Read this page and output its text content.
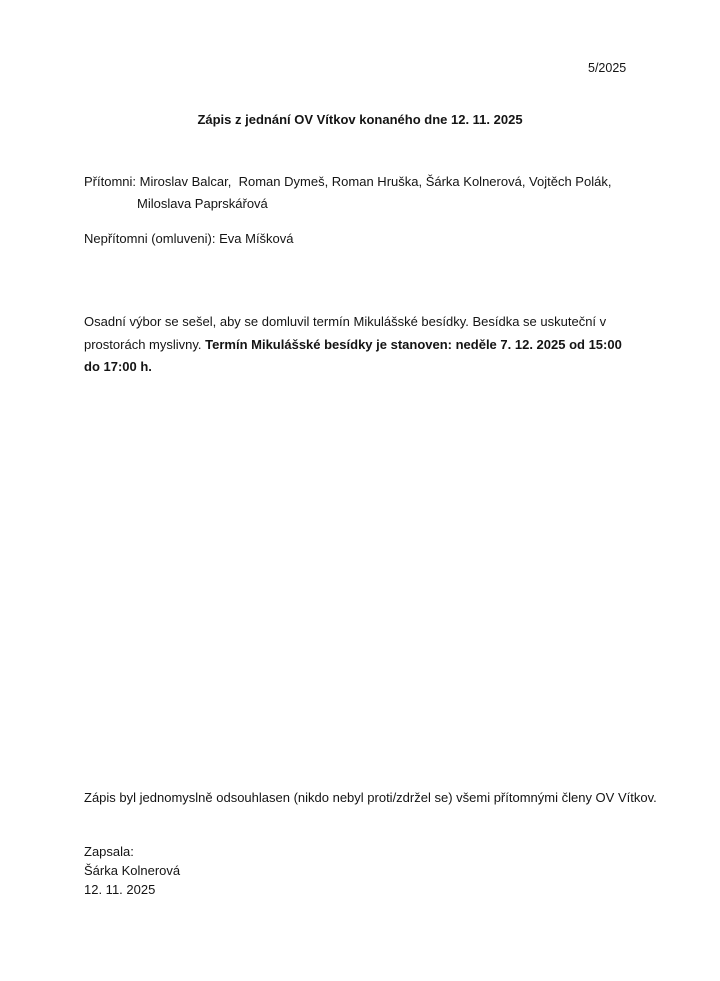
5/2025
Zápis z jednání OV Vítkov konaného dne 12. 11. 2025
Přítomni: Miroslav Balcar,  Roman Dymeš, Roman Hruška, Šárka Kolnerová, Vojtěch Polák,
Miloslava Paprskářová
Nepřítomni (omluveni): Eva Míšková

Osadní výbor se sešel, aby se domluvil termín Mikulášské besídky. Besídka se uskuteční v prostorách myslivny. Termín Mikulášské besídky je stanoven: neděle 7. 12. 2025 od 15:00 do 17:00 h.

Zápis byl jednomyslně odsouhlasen (nikdo nebyl proti/zdržel se) všemi přítomnými členy OV Vítkov.
Zapsala:
Šárka Kolnerová
12. 11. 2025
